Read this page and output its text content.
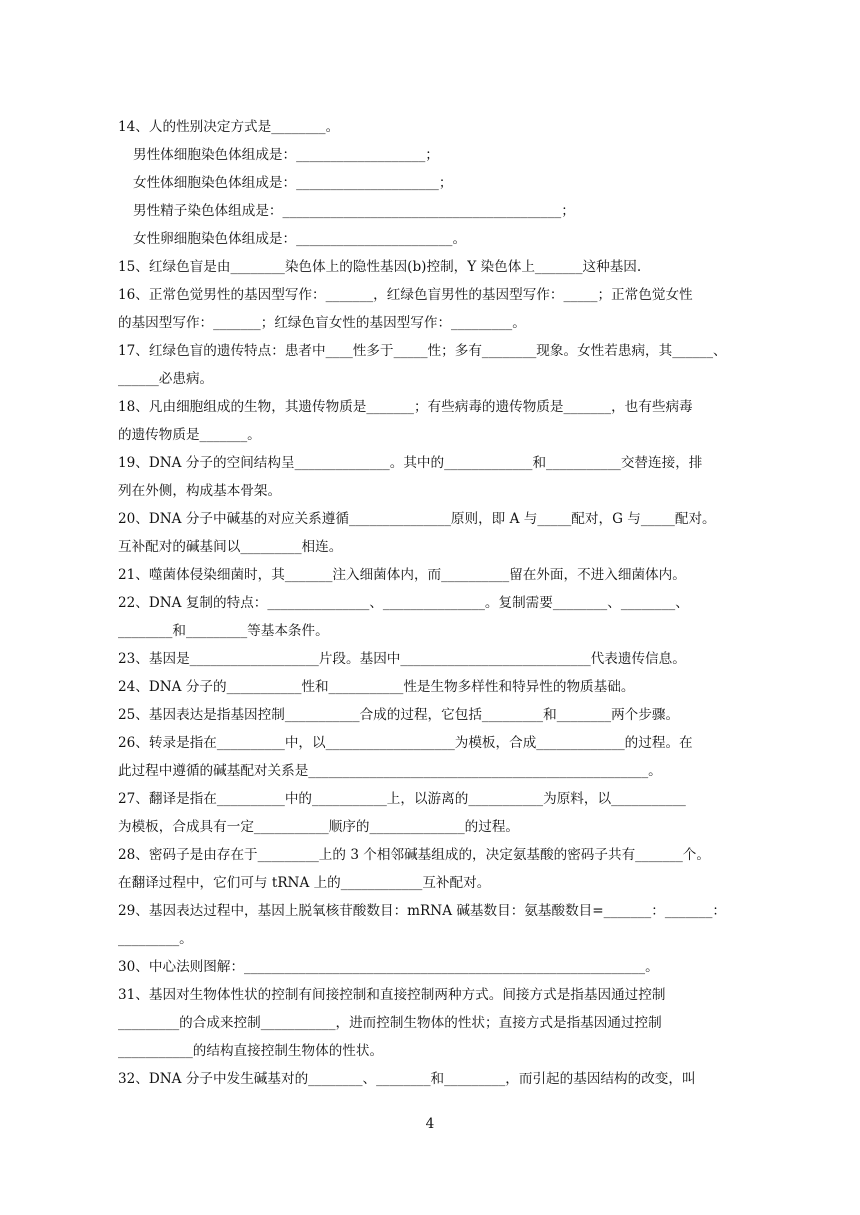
14、人的性别决定方式是________。
男性体细胞染色体组成是：___________________；
女性体细胞染色体组成是：_____________________；
男性精子染色体组成是：_________________________________________；
女性卵细胞染色体组成是：_______________________。
15、红绿色盲是由________染色体上的隐性基因(b)控制，Y 染色体上_______这种基因.
16、正常色觉男性的基因型写作：_______，红绿色盲男性的基因型写作：_____；正常色觉女性
的基因型写作：_______；红绿色盲女性的基因型写作：_________。
17、红绿色盲的遗传特点：患者中____性多于_____性；多有________现象。女性若患病，其______、
______必患病。
18、凡由细胞组成的生物，其遗传物质是_______；有些病毒的遗传物质是_______，也有些病毒
的遗传物质是_______。
19、DNA 分子的空间结构呈______________。其中的_____________和___________交替连接，排
列在外侧，构成基本骨架。
20、DNA 分子中碱基的对应关系遵循_______________原则，即 A 与_____配对，G 与_____配对。
互补配对的碱基间以_________相连。
21、噬菌体侵染细菌时，其_______注入细菌体内，而__________留在外面，不进入细菌体内。
22、DNA 复制的特点：_______________、_______________。复制需要________、________、
________和_________等基本条件。
23、基因是___________________片段。基因中____________________________代表遗传信息。
24、DNA 分子的___________性和___________性是生物多样性和特异性的物质基础。
25、基因表达是指基因控制___________合成的过程，它包括_________和________两个步骤。
26、转录是指在__________中，以___________________为模板，合成_____________的过程。在
此过程中遵循的碱基配对关系是__________________________________________________。
27、翻译是指在__________中的___________上，以游离的___________为原料，以___________
为模板，合成具有一定___________顺序的______________的过程。
28、密码子是由存在于_________上的 3 个相邻碱基组成的，决定氨基酸的密码子共有_______个。
在翻译过程中，它们可与 tRNA 上的____________互补配对。
29、基因表达过程中，基因上脱氧核苷酸数目：mRNA 碱基数目：氨基酸数目=_______：_______：
_________。
30、中心法则图解：___________________________________________________________。
31、基因对生物体性状的控制有间接控制和直接控制两种方式。间接方式是指基因通过控制
_________的合成来控制___________，进而控制生物体的性状；直接方式是指基因通过控制
___________的结构直接控制生物体的性状。
32、DNA 分子中发生碱基对的________、________和_________，而引起的基因结构的改变，叫
4
